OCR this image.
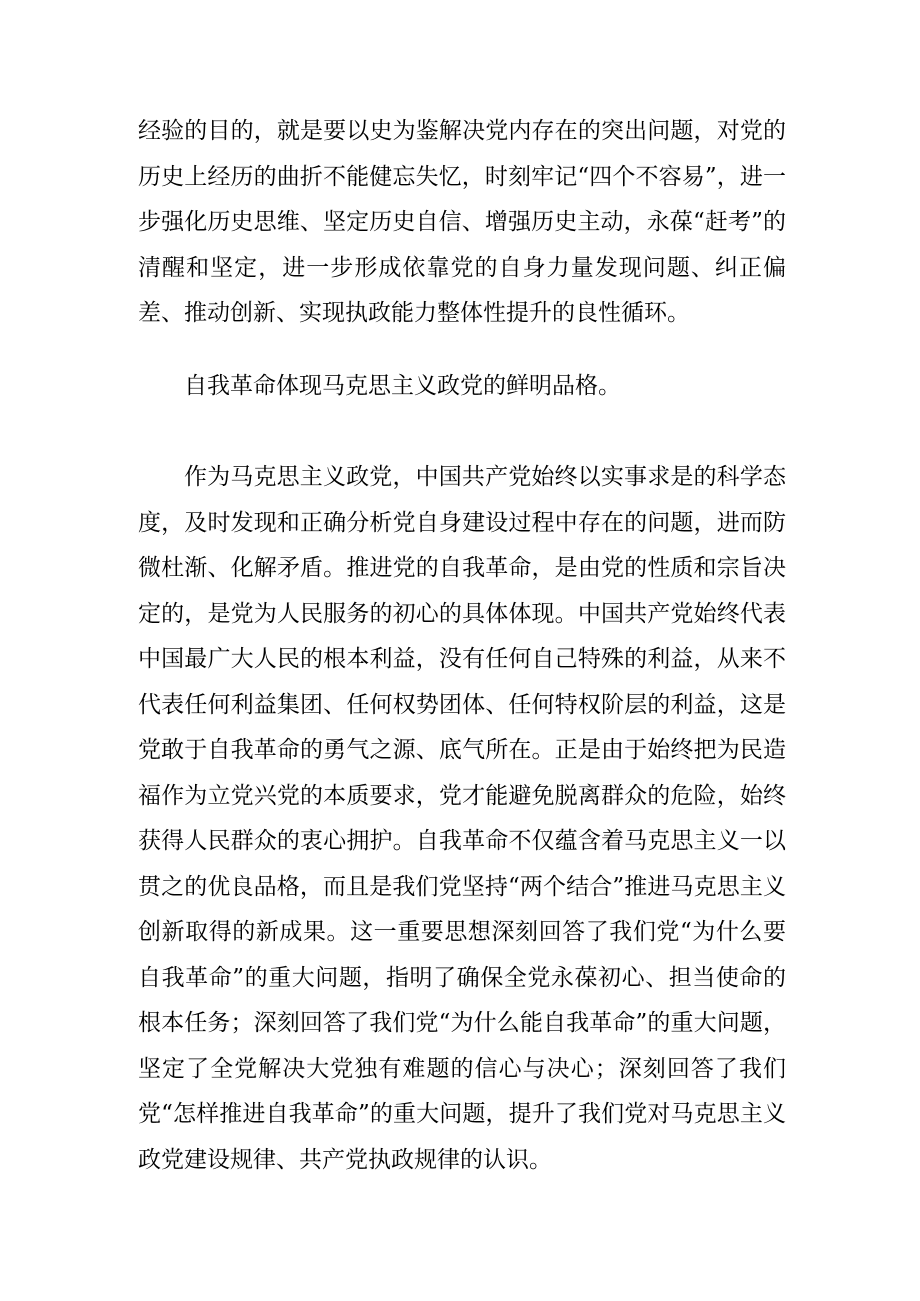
经验的目的，就是要以史为鉴解决党内存在的突出问题，对党的历史上经历的曲折不能健忘失忆，时刻牢记“四个不容易”，进一步强化历史思维、坚定历史自信、增强历史主动，永葆“赶考”的清醒和坚定，进一步形成依靠党的自身力量发现问题、纠正偏差、推动创新、实现执政能力整体性提升的良性循环。

自我革命体现马克思主义政党的鲜明品格。

作为马克思主义政党，中国共产党始终以实事求是的科学态度，及时发现和正确分析党自身建设过程中存在的问题，进而防微杜渐、化解矛盾。推进党的自我革命，是由党的性质和宗旨决定的，是党为人民服务的初心的具体体现。中国共产党始终代表中国最广大人民的根本利益，没有任何自己特殊的利益，从来不代表任何利益集团、任何权势团体、任何特权阶层的利益，这是党敢于自我革命的勇气之源、底气所在。正是由于始终把为民造福作为立党兴党的本质要求，党才能避免脱离群众的危险，始终获得人民群众的衷心拥护。自我革命不仅蕴含着马克思主义一以贯之的优良品格，而且是我们党坚持“两个结合”推进马克思主义创新取得的新成果。这一重要思想深刻回答了我们党“为什么要自我革命”的重大问题，指明了确保全党永葆初心、担当使命的根本任务；深刻回答了我们党“为什么能自我革命”的重大问题，坚定了全党解决大党独有难题的信心与决心；深刻回答了我们党“怎样推进自我革命”的重大问题，提升了我们党对马克思主义政党建设规律、共产党执政规律的认识。
